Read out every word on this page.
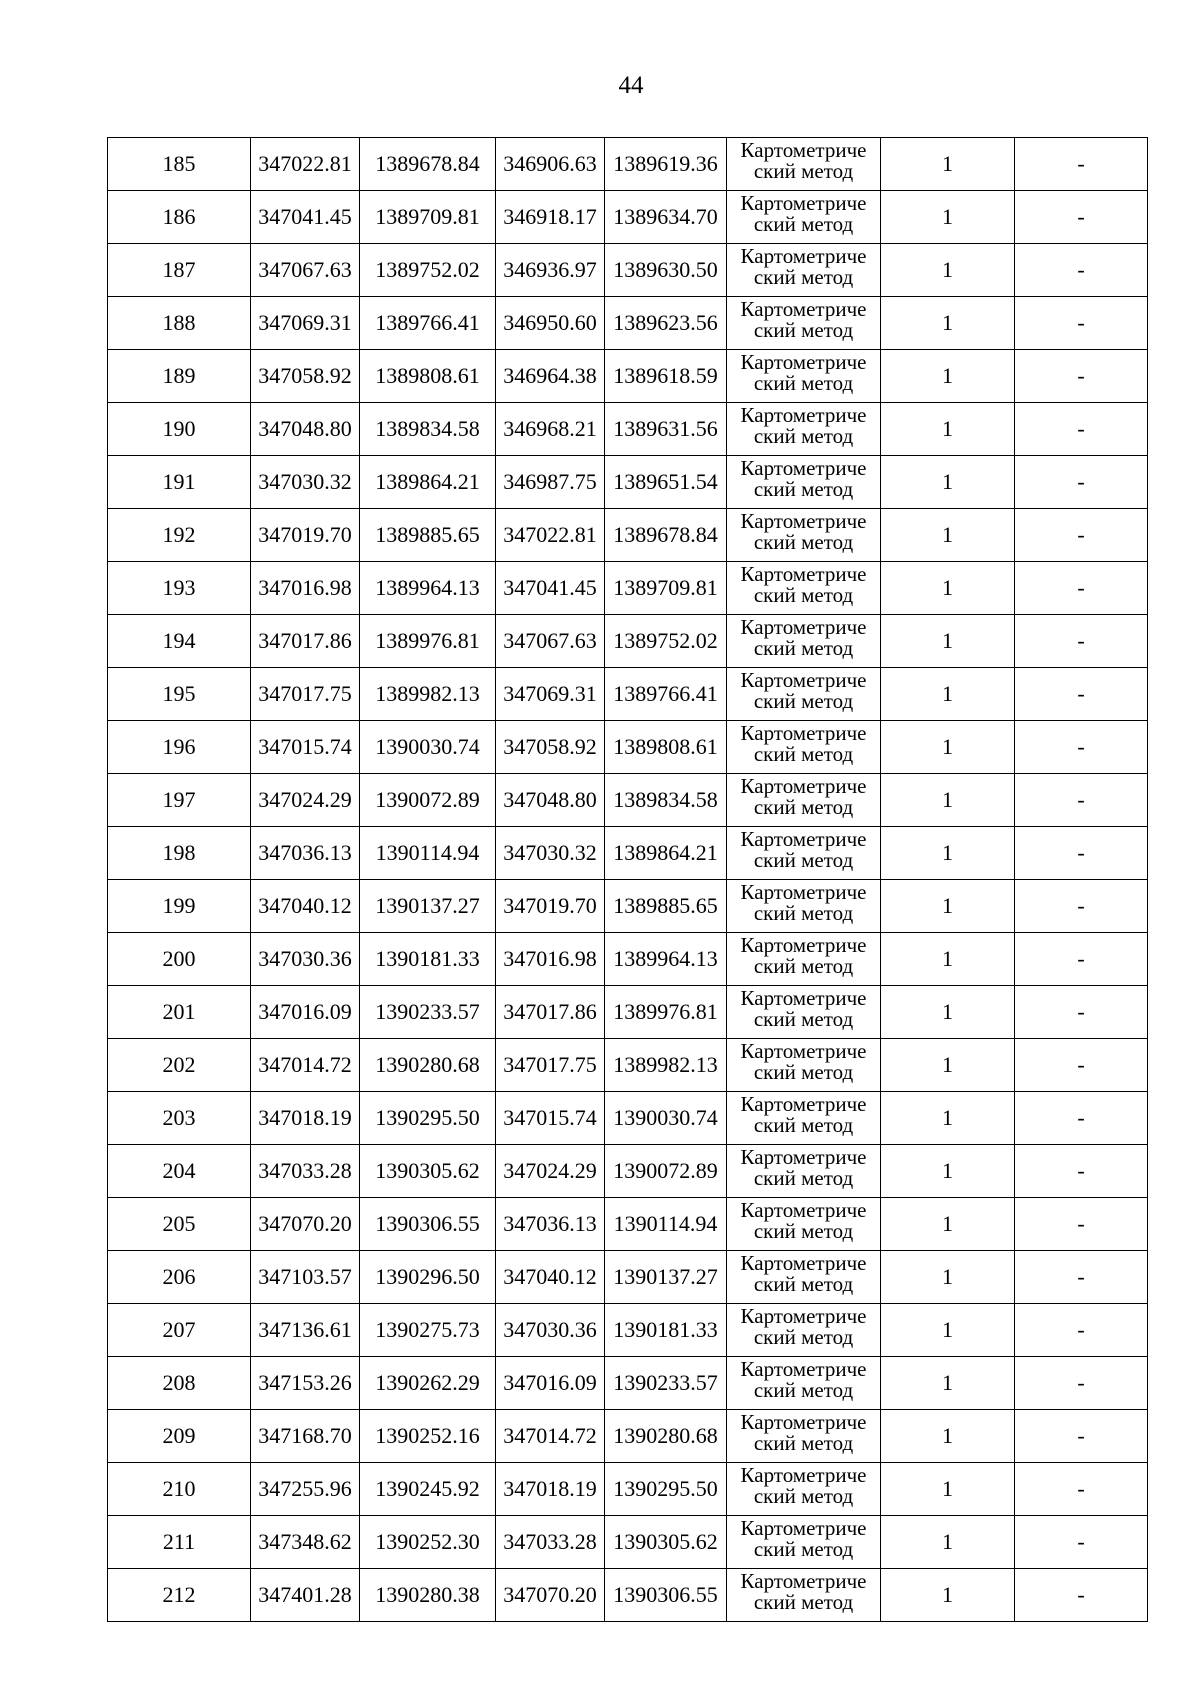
44
185	347022.81	1389678.84	346906.63	1389619.36	Картометриче
ский метод	1	-
186	347041.45	1389709.81	346918.17	1389634.70	Картометриче
ский метод	1	-
187	347067.63	1389752.02	346936.97	1389630.50	Картометриче
ский метод	1	-
188	347069.31	1389766.41	346950.60	1389623.56	Картометриче
ский метод	1	-
189	347058.92	1389808.61	346964.38	1389618.59	Картометриче
ский метод	1	-
190	347048.80	1389834.58	346968.21	1389631.56	Картометриче
ский метод	1	-
191	347030.32	1389864.21	346987.75	1389651.54	Картометриче
ский метод	1	-
192	347019.70	1389885.65	347022.81	1389678.84	Картометриче
ский метод	1	-
193	347016.98	1389964.13	347041.45	1389709.81	Картометриче
ский метод	1	-
194	347017.86	1389976.81	347067.63	1389752.02	Картометриче
ский метод	1	-
195	347017.75	1389982.13	347069.31	1389766.41	Картометриче
ский метод	1	-
196	347015.74	1390030.74	347058.92	1389808.61	Картометриче
ский метод	1	-
197	347024.29	1390072.89	347048.80	1389834.58	Картометриче
ский метод	1	-
198	347036.13	1390114.94	347030.32	1389864.21	Картометриче
ский метод	1	-
199	347040.12	1390137.27	347019.70	1389885.65	Картометриче
ский метод	1	-
200	347030.36	1390181.33	347016.98	1389964.13	Картометриче
ский метод	1	-
201	347016.09	1390233.57	347017.86	1389976.81	Картометриче
ский метод	1	-
202	347014.72	1390280.68	347017.75	1389982.13	Картометриче
ский метод	1	-
203	347018.19	1390295.50	347015.74	1390030.74	Картометриче
ский метод	1	-
204	347033.28	1390305.62	347024.29	1390072.89	Картометриче
ский метод	1	-
205	347070.20	1390306.55	347036.13	1390114.94	Картометриче
ский метод	1	-
206	347103.57	1390296.50	347040.12	1390137.27	Картометриче
ский метод	1	-
207	347136.61	1390275.73	347030.36	1390181.33	Картометриче
ский метод	1	-
208	347153.26	1390262.29	347016.09	1390233.57	Картометриче
ский метод	1	-
209	347168.70	1390252.16	347014.72	1390280.68	Картометриче
ский метод	1	-
210	347255.96	1390245.92	347018.19	1390295.50	Картометриче
ский метод	1	-
211	347348.62	1390252.30	347033.28	1390305.62	Картометриче
ский метод	1	-
212	347401.28	1390280.38	347070.20	1390306.55	Картометриче
ский метод	1	-
